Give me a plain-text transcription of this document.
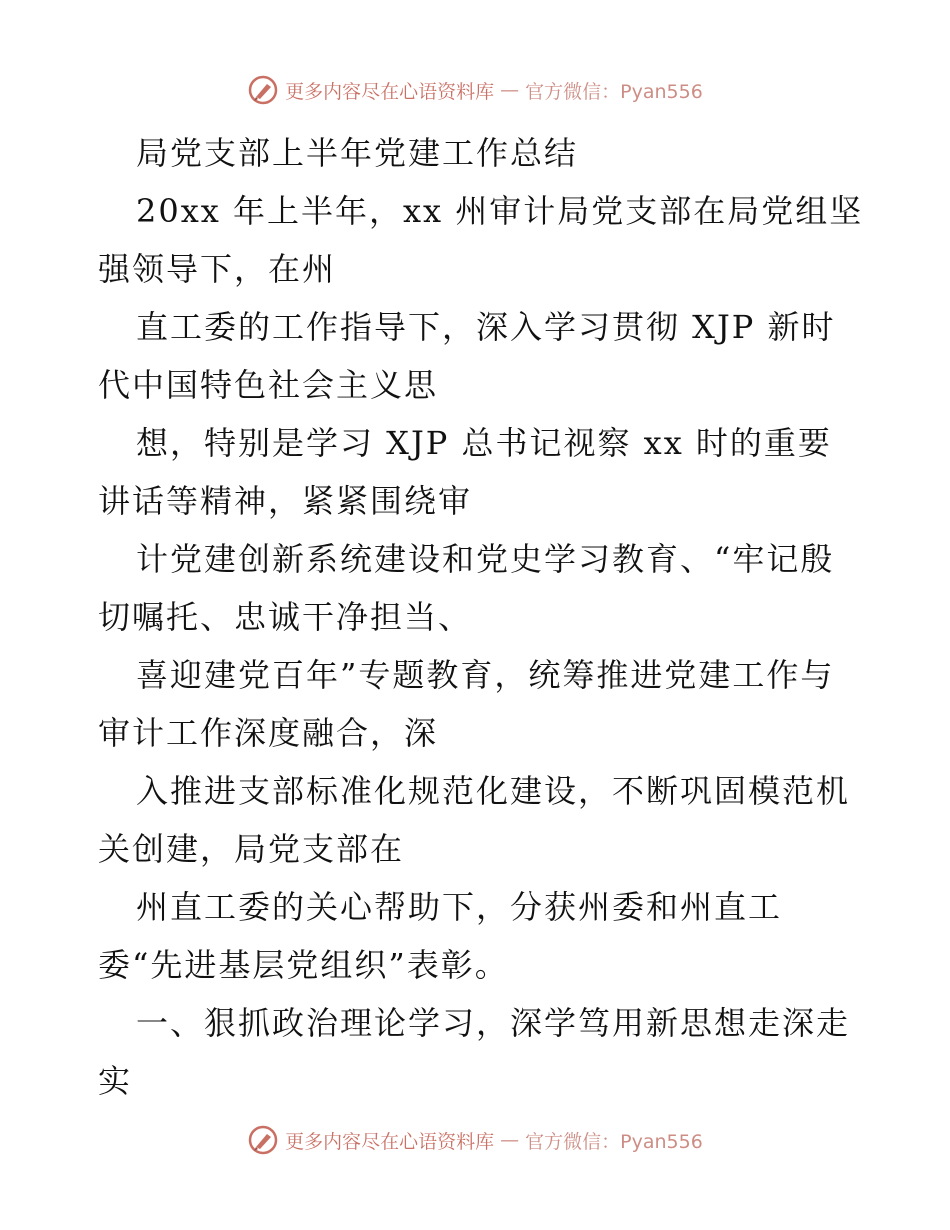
更多内容尽在心语资料库 — 官方微信：Pyan556
局党支部上半年党建工作总结
20xx 年上半年，xx 州审计局党支部在局党组坚
强领导下，在州
直工委的工作指导下，深入学习贯彻 XJP 新时
代中国特色社会主义思
想，特别是学习 XJP 总书记视察 xx 时的重要
讲话等精神，紧紧围绕审
计党建创新系统建设和党史学习教育、“牢记殷
切嘱托、忠诚干净担当、
喜迎建党百年”专题教育，统筹推进党建工作与
审计工作深度融合，深
入推进支部标准化规范化建设，不断巩固模范机
关创建，局党支部在
州直工委的关心帮助下，分获州委和州直工
委“先进基层党组织”表彰。
一、狠抓政治理论学习，深学笃用新思想走深走
实
更多内容尽在心语资料库 — 官方微信：Pyan556
